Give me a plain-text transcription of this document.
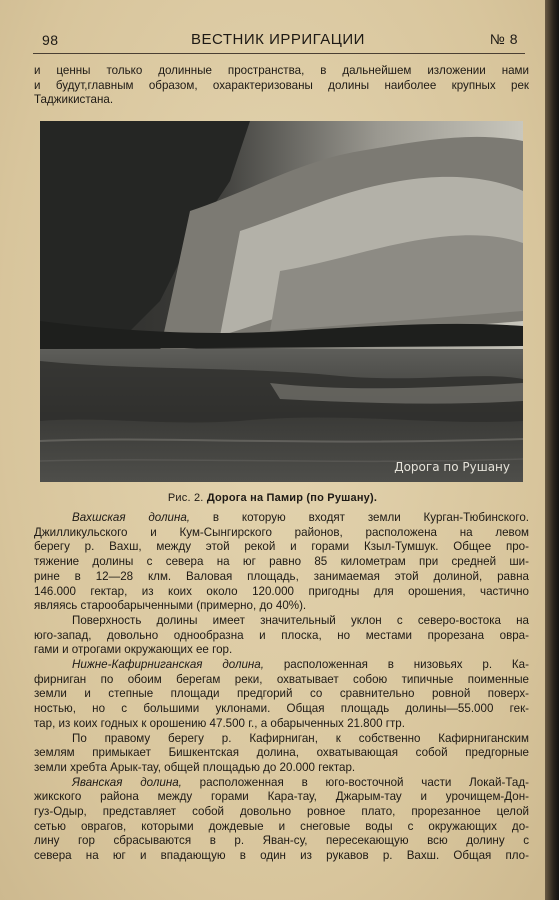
98	ВЕСТНИК ИРРИГАЦИИ	№ 8
и ценны только долинные пространства, в дальнейшем изложении нами
и будут,главным образом, охарактеризованы долины наиболее крупных рек
Таджикистана.
Дорога по Рушану
Рис. 2. Дорога на Памир (по Рушану).
Вахшская долина, в которую входят земли Курган-Тюбинского.
Джилликульского и Кум-Сынгирского районов, расположена на левом
берегу р. Вахш, между этой рекой и горами Кзыл-Тумшук. Общее про-
тяжение долины с севера на юг равно 85 километрам при средней ши-
рине в 12—28 клм. Валовая площадь, занимаемая этой долиной, равна
146.000 гектар, из коих около 120.000 пригодны для орошения, частично
являясь старообарыченными (примерно, до 40%).
Поверхность долины имеет значительный уклон с северо-востока на
юго-запад, довольно однообразна и плоска, но местами прорезана овра-
гами и отрогами окружающих ее гор.
Нижне-Кафирниганская долина, расположенная в низовьях р. Ка-
фирниган по обоим берегам реки, охватывает собою типичные поименные
земли и степные площади предгорий со сравнительно ровной поверх-
ностью, но с большими уклонами. Общая площадь долины—55.000 гек-
тар, из коих годных к орошению 47.500 г., а обарыченных 21.800 гтр.
По правому берегу р. Кафирниган, к собственно Кафирниганским
землям примыкает Бишкентская долина, охватывающая собой предгорные
земли хребта Арык-тау, общей площадью до 20.000 гектар.
Яванская долина, расположенная в юго-восточной части Локай-Тад-
жикского района между горами Кара-тау, Джарым-тау и урочищем-Дон-
гуз-Одыр, представляет собой довольно ровное плато, прорезанное целой
сетью оврагов, которыми дождевые и снеговые воды с окружающих до-
лину гор сбрасываются в р. Яван-су, пересекающую всю долину с
севера на юг и впадающую в один из рукавов р. Вахш. Общая пло-
